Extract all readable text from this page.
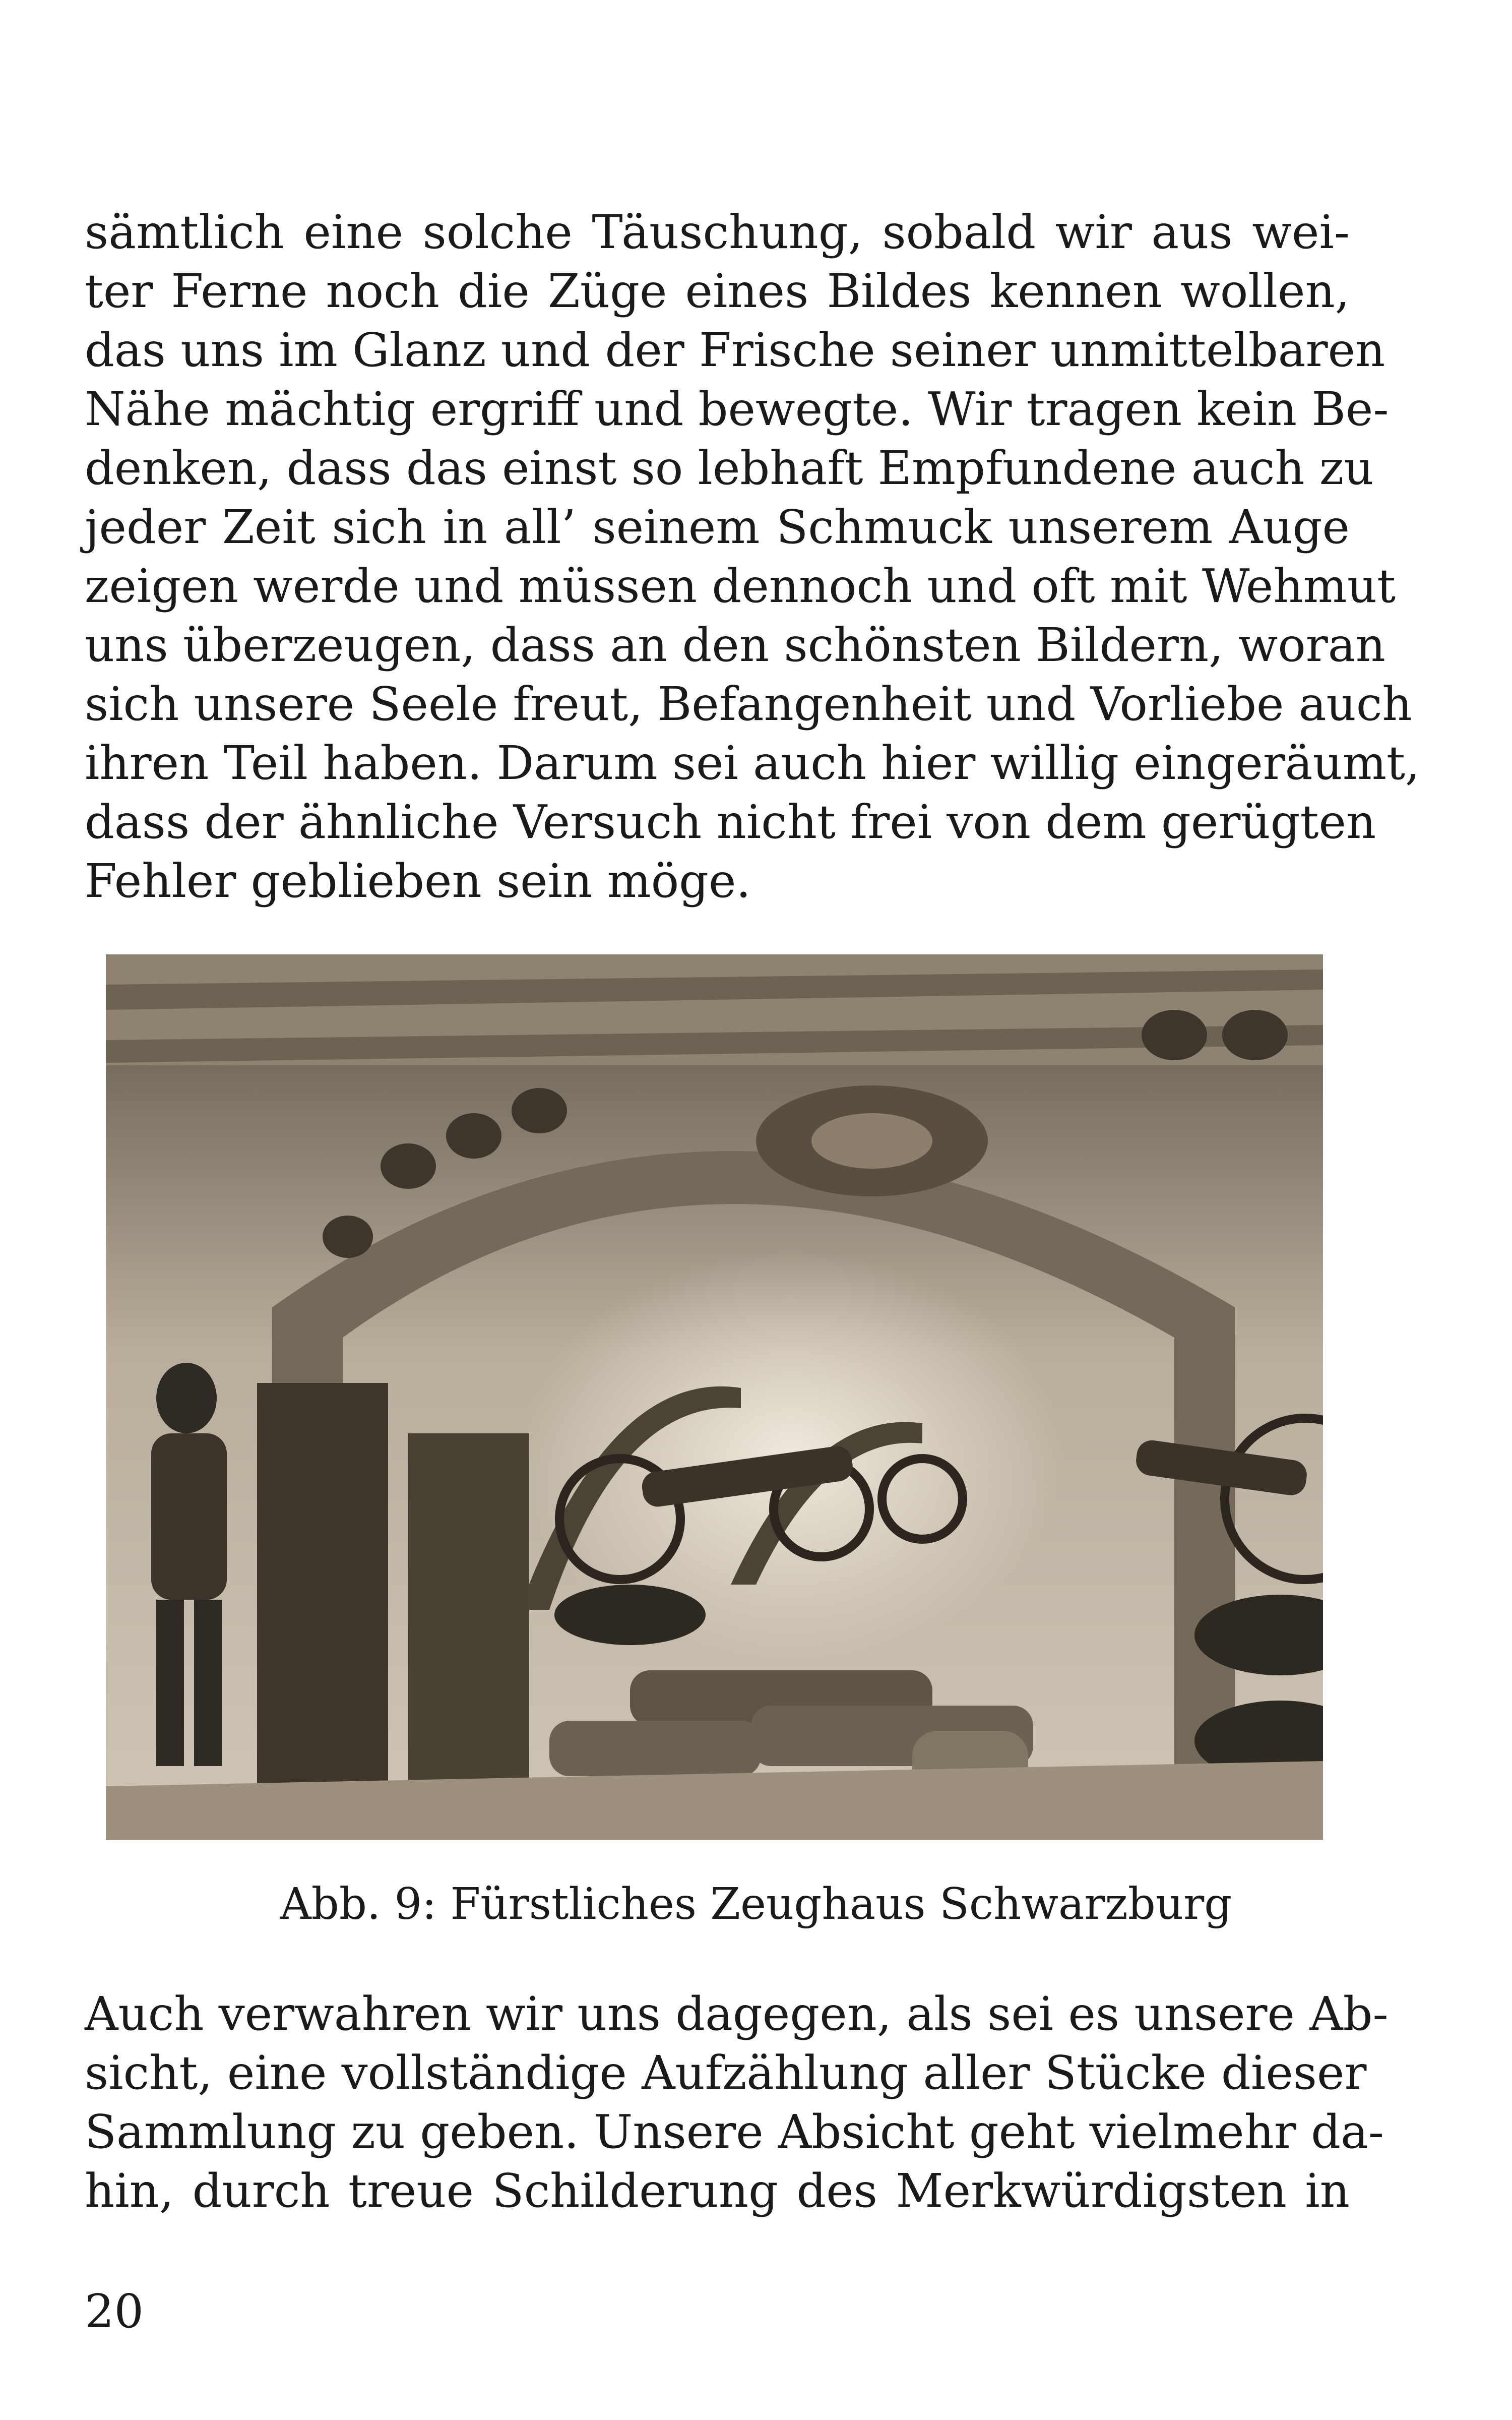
sämtlich eine solche Täuschung, sobald wir aus wei-
ter Ferne noch die Züge eines Bildes kennen wollen,
das uns im Glanz und der Frische seiner unmittelbaren
Nähe mächtig ergriff und bewegte. Wir tragen kein Be-
denken, dass das einst so lebhaft Empfundene auch zu
jeder Zeit sich in all’ seinem Schmuck unserem Auge
zeigen werde und müssen dennoch und oft mit Wehmut
uns überzeugen, dass an den schönsten Bildern, woran
sich unsere Seele freut, Befangenheit und Vorliebe auch
ihren Teil haben. Darum sei auch hier willig eingeräumt,
dass der ähnliche Versuch nicht frei von dem gerügten
Fehler geblieben sein möge.
Abb. 9: Fürstliches Zeughaus Schwarzburg
Auch verwahren wir uns dagegen, als sei es unsere Ab-
sicht, eine vollständige Aufzählung aller Stücke dieser
Sammlung zu geben. Unsere Absicht geht vielmehr da-
hin, durch treue Schilderung des Merkwürdigsten in
20
